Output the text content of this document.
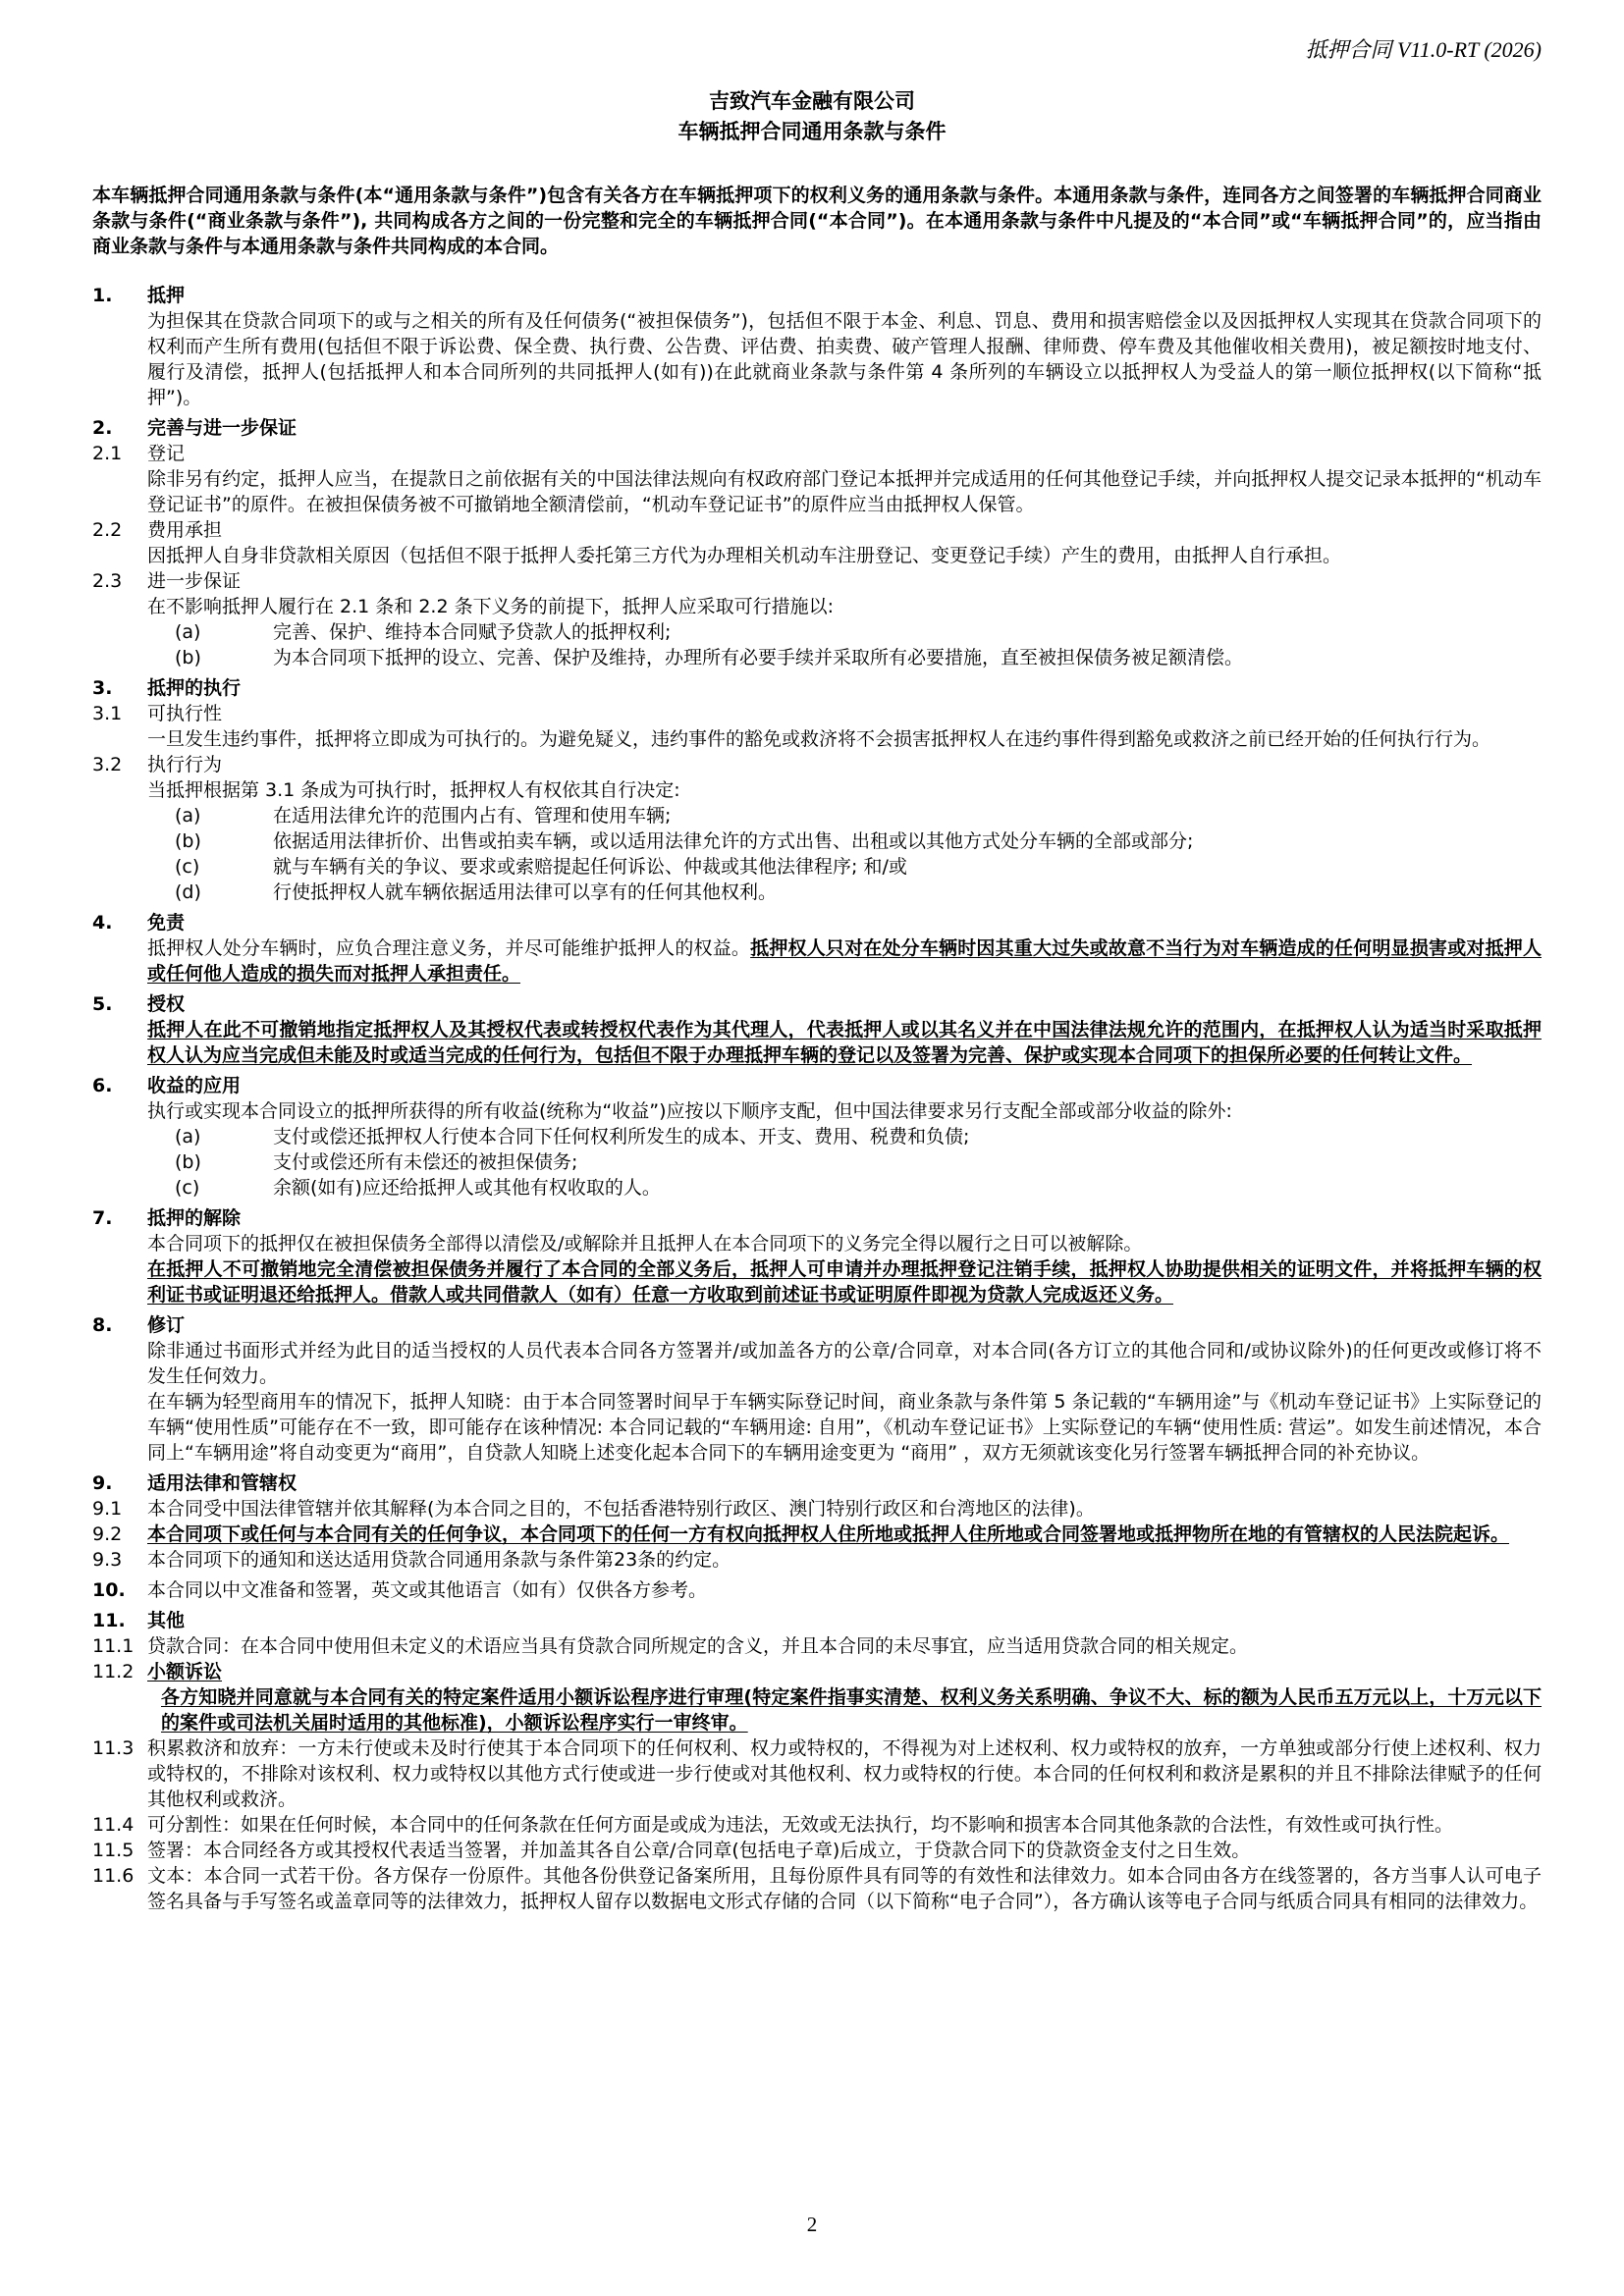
抵押合同 V11.0-RT (2026)
吉致汽车金融有限公司
车辆抵押合同通用条款与条件
本车辆抵押合同通用条款与条件(本“通用条款与条件”)包含有关各方在车辆抵押项下的权利义务的通用条款与条件。本通用条款与条件，连同各方之间签署的车辆抵押合同商业条款与条件(“商业条款与条件”), 共同构成各方之间的一份完整和完全的车辆抵押合同(“本合同”)。在本通用条款与条件中凡提及的“本合同”或“车辆抵押合同”的，应当指由商业条款与条件与本通用条款与条件共同构成的本合同。
1.	抵押
为担保其在贷款合同项下的或与之相关的所有及任何债务(“被担保债务”)，包括但不限于本金、利息、罚息、费用和损害赔偿金以及因抵押权人实现其在贷款合同项下的权利而产生所有费用(包括但不限于诉讼费、保全费、执行费、公告费、评估费、拍卖费、破产管理人报酬、律师费、停车费及其他催收相关费用)，被足额按时地支付、履行及清偿，抵押人(包括抵押人和本合同所列的共同抵押人(如有))在此就商业条款与条件第 4 条所列的车辆设立以抵押权人为受益人的第一顺位抵押权(以下简称“抵押”)。
2.	完善与进一步保证
2.1	登记
除非另有约定，抵押人应当，在提款日之前依据有关的中国法律法规向有权政府部门登记本抵押并完成适用的任何其他登记手续，并向抵押权人提交记录本抵押的“机动车登记证书”的原件。在被担保债务被不可撤销地全额清偿前，“机动车登记证书”的原件应当由抵押权人保管。
2.2	费用承担
因抵押人自身非贷款相关原因（包括但不限于抵押人委托第三方代为办理相关机动车注册登记、变更登记手续）产生的费用，由抵押人自行承担。
2.3	进一步保证
在不影响抵押人履行在 2.1 条和 2.2 条下义务的前提下，抵押人应采取可行措施以:
(a)	完善、保护、维持本合同赋予贷款人的抵押权利;
(b)	为本合同项下抵押的设立、完善、保护及维持，办理所有必要手续并采取所有必要措施，直至被担保债务被足额清偿。
3.	抵押的执行
3.1	可执行性
一旦发生违约事件，抵押将立即成为可执行的。为避免疑义，违约事件的豁免或救济将不会损害抵押权人在违约事件得到豁免或救济之前已经开始的任何执行行为。
3.2	执行行为
当抵押根据第 3.1 条成为可执行时，抵押权人有权依其自行决定:
(a)	在适用法律允许的范围内占有、管理和使用车辆;
(b)	依据适用法律折价、出售或拍卖车辆，或以适用法律允许的方式出售、出租或以其他方式处分车辆的全部或部分;
(c)	就与车辆有关的争议、要求或索赔提起任何诉讼、仲裁或其他法律程序; 和/或
(d)	行使抵押权人就车辆依据适用法律可以享有的任何其他权利。
4.	免责
抵押权人处分车辆时，应负合理注意义务，并尽可能维护抵押人的权益。抵押权人只对在处分车辆时因其重大过失或故意不当行为对车辆造成的任何明显损害或对抵押人或任何他人造成的损失而对抵押人承担责任。
5.	授权
抵押人在此不可撤销地指定抵押权人及其授权代表或转授权代表作为其代理人，代表抵押人或以其名义并在中国法律法规允许的范围内，在抵押权人认为适当时采取抵押权人认为应当完成但未能及时或适当完成的任何行为，包括但不限于办理抵押车辆的登记以及签署为完善、保护或实现本合同项下的担保所必要的任何转让文件。
6.	收益的应用
执行或实现本合同设立的抵押所获得的所有收益(统称为“收益”)应按以下顺序支配，但中国法律要求另行支配全部或部分收益的除外:
(a)	支付或偿还抵押权人行使本合同下任何权利所发生的成本、开支、费用、税费和负债;
(b)	支付或偿还所有未偿还的被担保债务;
(c)	余额(如有)应还给抵押人或其他有权收取的人。
7.	抵押的解除
本合同项下的抵押仅在被担保债务全部得以清偿及/或解除并且抵押人在本合同项下的义务完全得以履行之日可以被解除。
在抵押人不可撤销地完全清偿被担保债务并履行了本合同的全部义务后，抵押人可申请并办理抵押登记注销手续，抵押权人协助提供相关的证明文件，并将抵押车辆的权利证书或证明退还给抵押人。借款人或共同借款人（如有）任意一方收取到前述证书或证明原件即视为贷款人完成返还义务。
8.	修订
除非通过书面形式并经为此目的适当授权的人员代表本合同各方签署并/或加盖各方的公章/合同章，对本合同(各方订立的其他合同和/或协议除外)的任何更改或修订将不发生任何效力。
在车辆为轻型商用车的情况下，抵押人知晓：由于本合同签署时间早于车辆实际登记时间，商业条款与条件第 5 条记载的“车辆用途”与《机动车登记证书》上实际登记的车辆“使用性质”可能存在不一致，即可能存在该种情况: 本合同记载的“车辆用途: 自用”，《机动车登记证书》上实际登记的车辆“使用性质: 营运”。如发生前述情况，本合同上“车辆用途”将自动变更为“商用”，自贷款人知晓上述变化起本合同下的车辆用途变更为 “商用” ，双方无须就该变化另行签署车辆抵押合同的补充协议。
9.	适用法律和管辖权
9.1	本合同受中国法律管辖并依其解释(为本合同之目的，不包括香港特别行政区、澳门特别行政区和台湾地区的法律)。
9.2	本合同项下或任何与本合同有关的任何争议，本合同项下的任何一方有权向抵押权人住所地或抵押人住所地或合同签署地或抵押物所在地的有管辖权的人民法院起诉。
9.3	本合同项下的通知和送达适用贷款合同通用条款与条件第23条的约定。
10.	本合同以中文准备和签署，英文或其他语言（如有）仅供各方参考。
11.	其他
11.1 贷款合同：在本合同中使用但未定义的术语应当具有贷款合同所规定的含义，并且本合同的未尽事宜，应当适用贷款合同的相关规定。
11.2 小额诉讼
各方知晓并同意就与本合同有关的特定案件适用小额诉讼程序进行审理(特定案件指事实清楚、权利义务关系明确、争议不大、标的额为人民币五万元以上，十万元以下的案件或司法机关届时适用的其他标准)，小额诉讼程序实行一审终审。
11.3 积累救济和放弃：一方未行使或未及时行使其于本合同项下的任何权利、权力或特权的，不得视为对上述权利、权力或特权的放弃，一方单独或部分行使上述权利、权力或特权的，不排除对该权利、权力或特权以其他方式行使或进一步行使或对其他权利、权力或特权的行使。本合同的任何权利和救济是累积的并且不排除法律赋予的任何其他权利或救济。
11.4 可分割性：如果在任何时候，本合同中的任何条款在任何方面是或成为违法，无效或无法执行，均不影响和损害本合同其他条款的合法性，有效性或可执行性。
11.5 签署：本合同经各方或其授权代表适当签署，并加盖其各自公章/合同章(包括电子章)后成立，于贷款合同下的贷款资金支付之日生效。
11.6 文本：本合同一式若干份。各方保存一份原件。其他各份供登记备案所用，且每份原件具有同等的有效性和法律效力。如本合同由各方在线签署的，各方当事人认可电子签名具备与手写签名或盖章同等的法律效力，抵押权人留存以数据电文形式存储的合同（以下简称“电子合同”），各方确认该等电子合同与纸质合同具有相同的法律效力。
2
